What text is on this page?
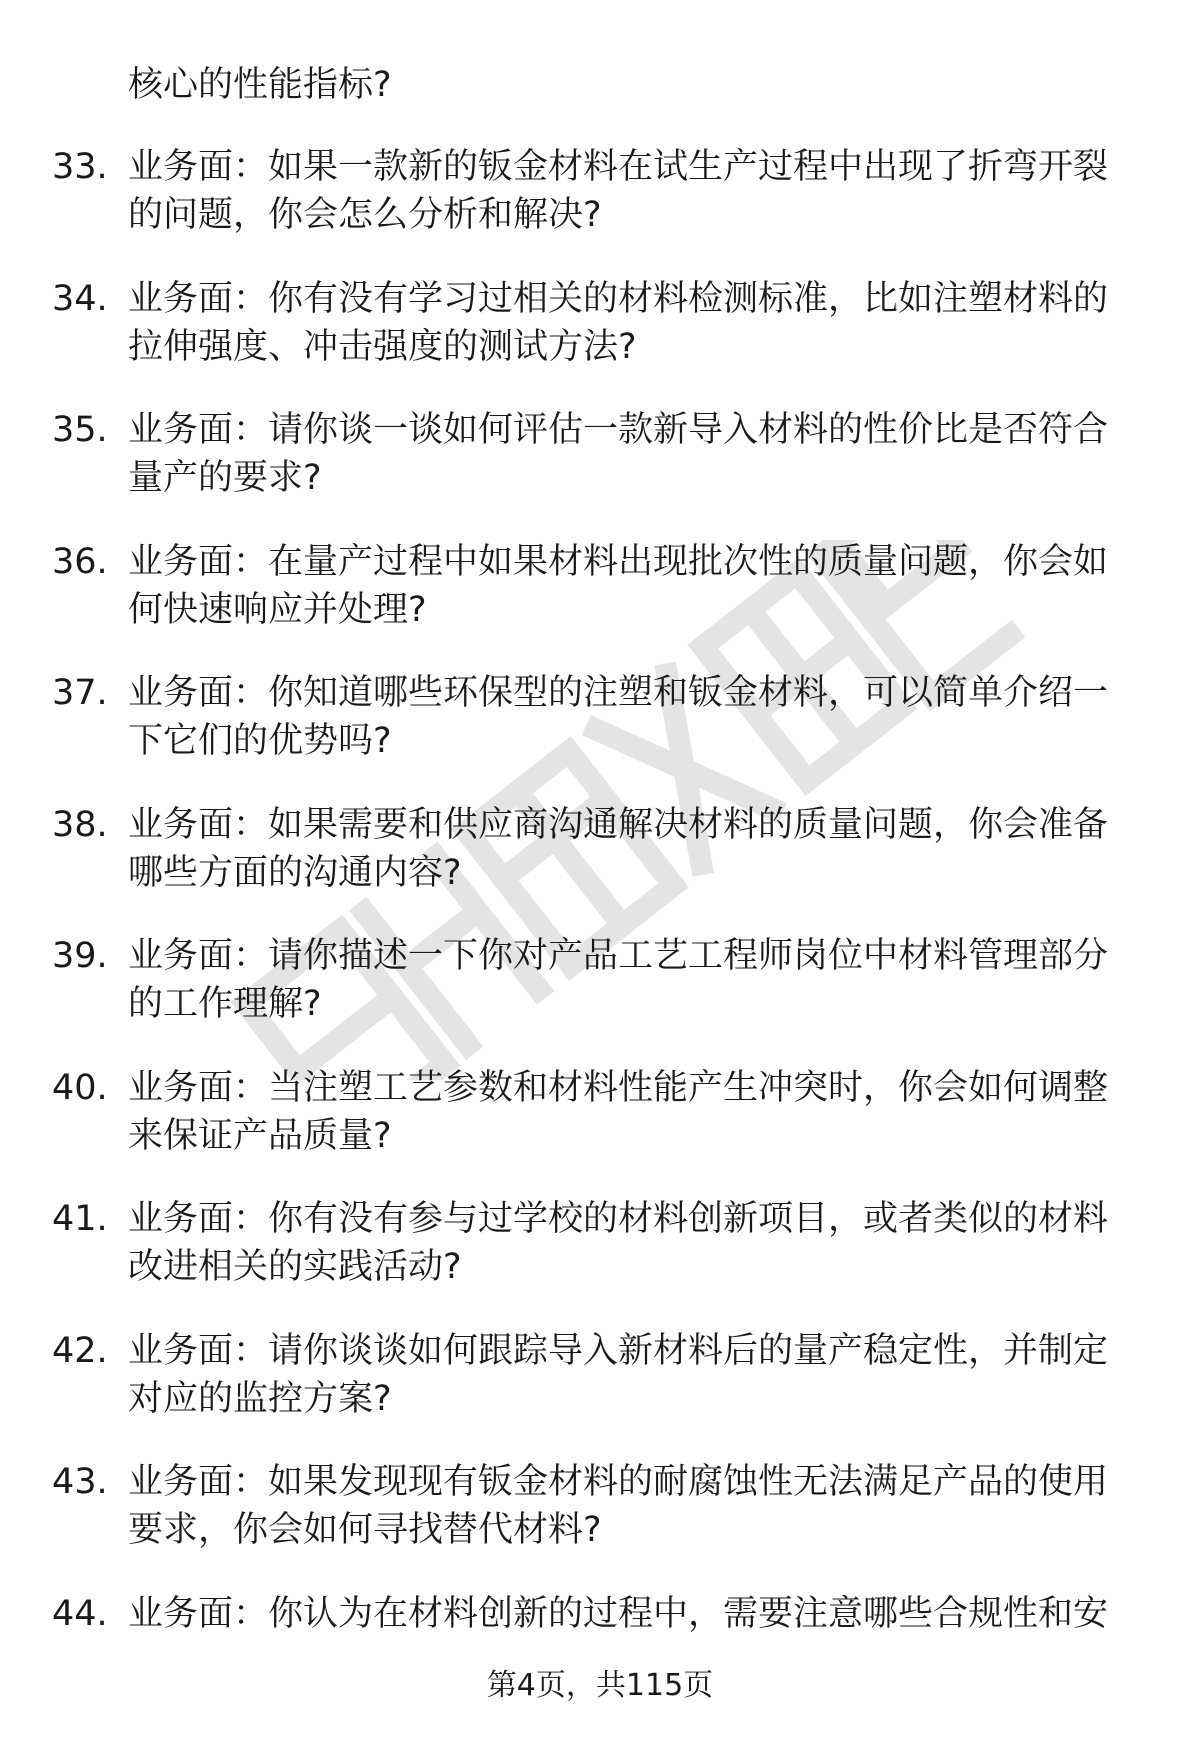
核心的性能指标?
33. 业务面：如果一款新的钣金材料在试生产过程中出现了折弯开裂
的问题，你会怎么分析和解决?
34. 业务面：你有没有学习过相关的材料检测标准，比如注塑材料的
拉伸强度、冲击强度的测试方法?
35. 业务面：请你谈一谈如何评估一款新导入材料的性价比是否符合
量产的要求?
36. 业务面：在量产过程中如果材料出现批次性的质量问题，你会如
何快速响应并处理?
37. 业务面：你知道哪些环保型的注塑和钣金材料，可以简单介绍一
下它们的优势吗?
38. 业务面：如果需要和供应商沟通解决材料的质量问题，你会准备
哪些方面的沟通内容?
39. 业务面：请你描述一下你对产品工艺工程师岗位中材料管理部分
的工作理解?
40. 业务面：当注塑工艺参数和材料性能产生冲突时，你会如何调整
来保证产品质量?
41. 业务面：你有没有参与过学校的材料创新项目，或者类似的材料
改进相关的实践活动?
42. 业务面：请你谈谈如何跟踪导入新材料后的量产稳定性，并制定
对应的监控方案?
43. 业务面：如果发现现有钣金材料的耐腐蚀性无法满足产品的使用
要求，你会如何寻找替代材料?
44. 业务面：你认为在材料创新的过程中，需要注意哪些合规性和安
第4页，共115页
